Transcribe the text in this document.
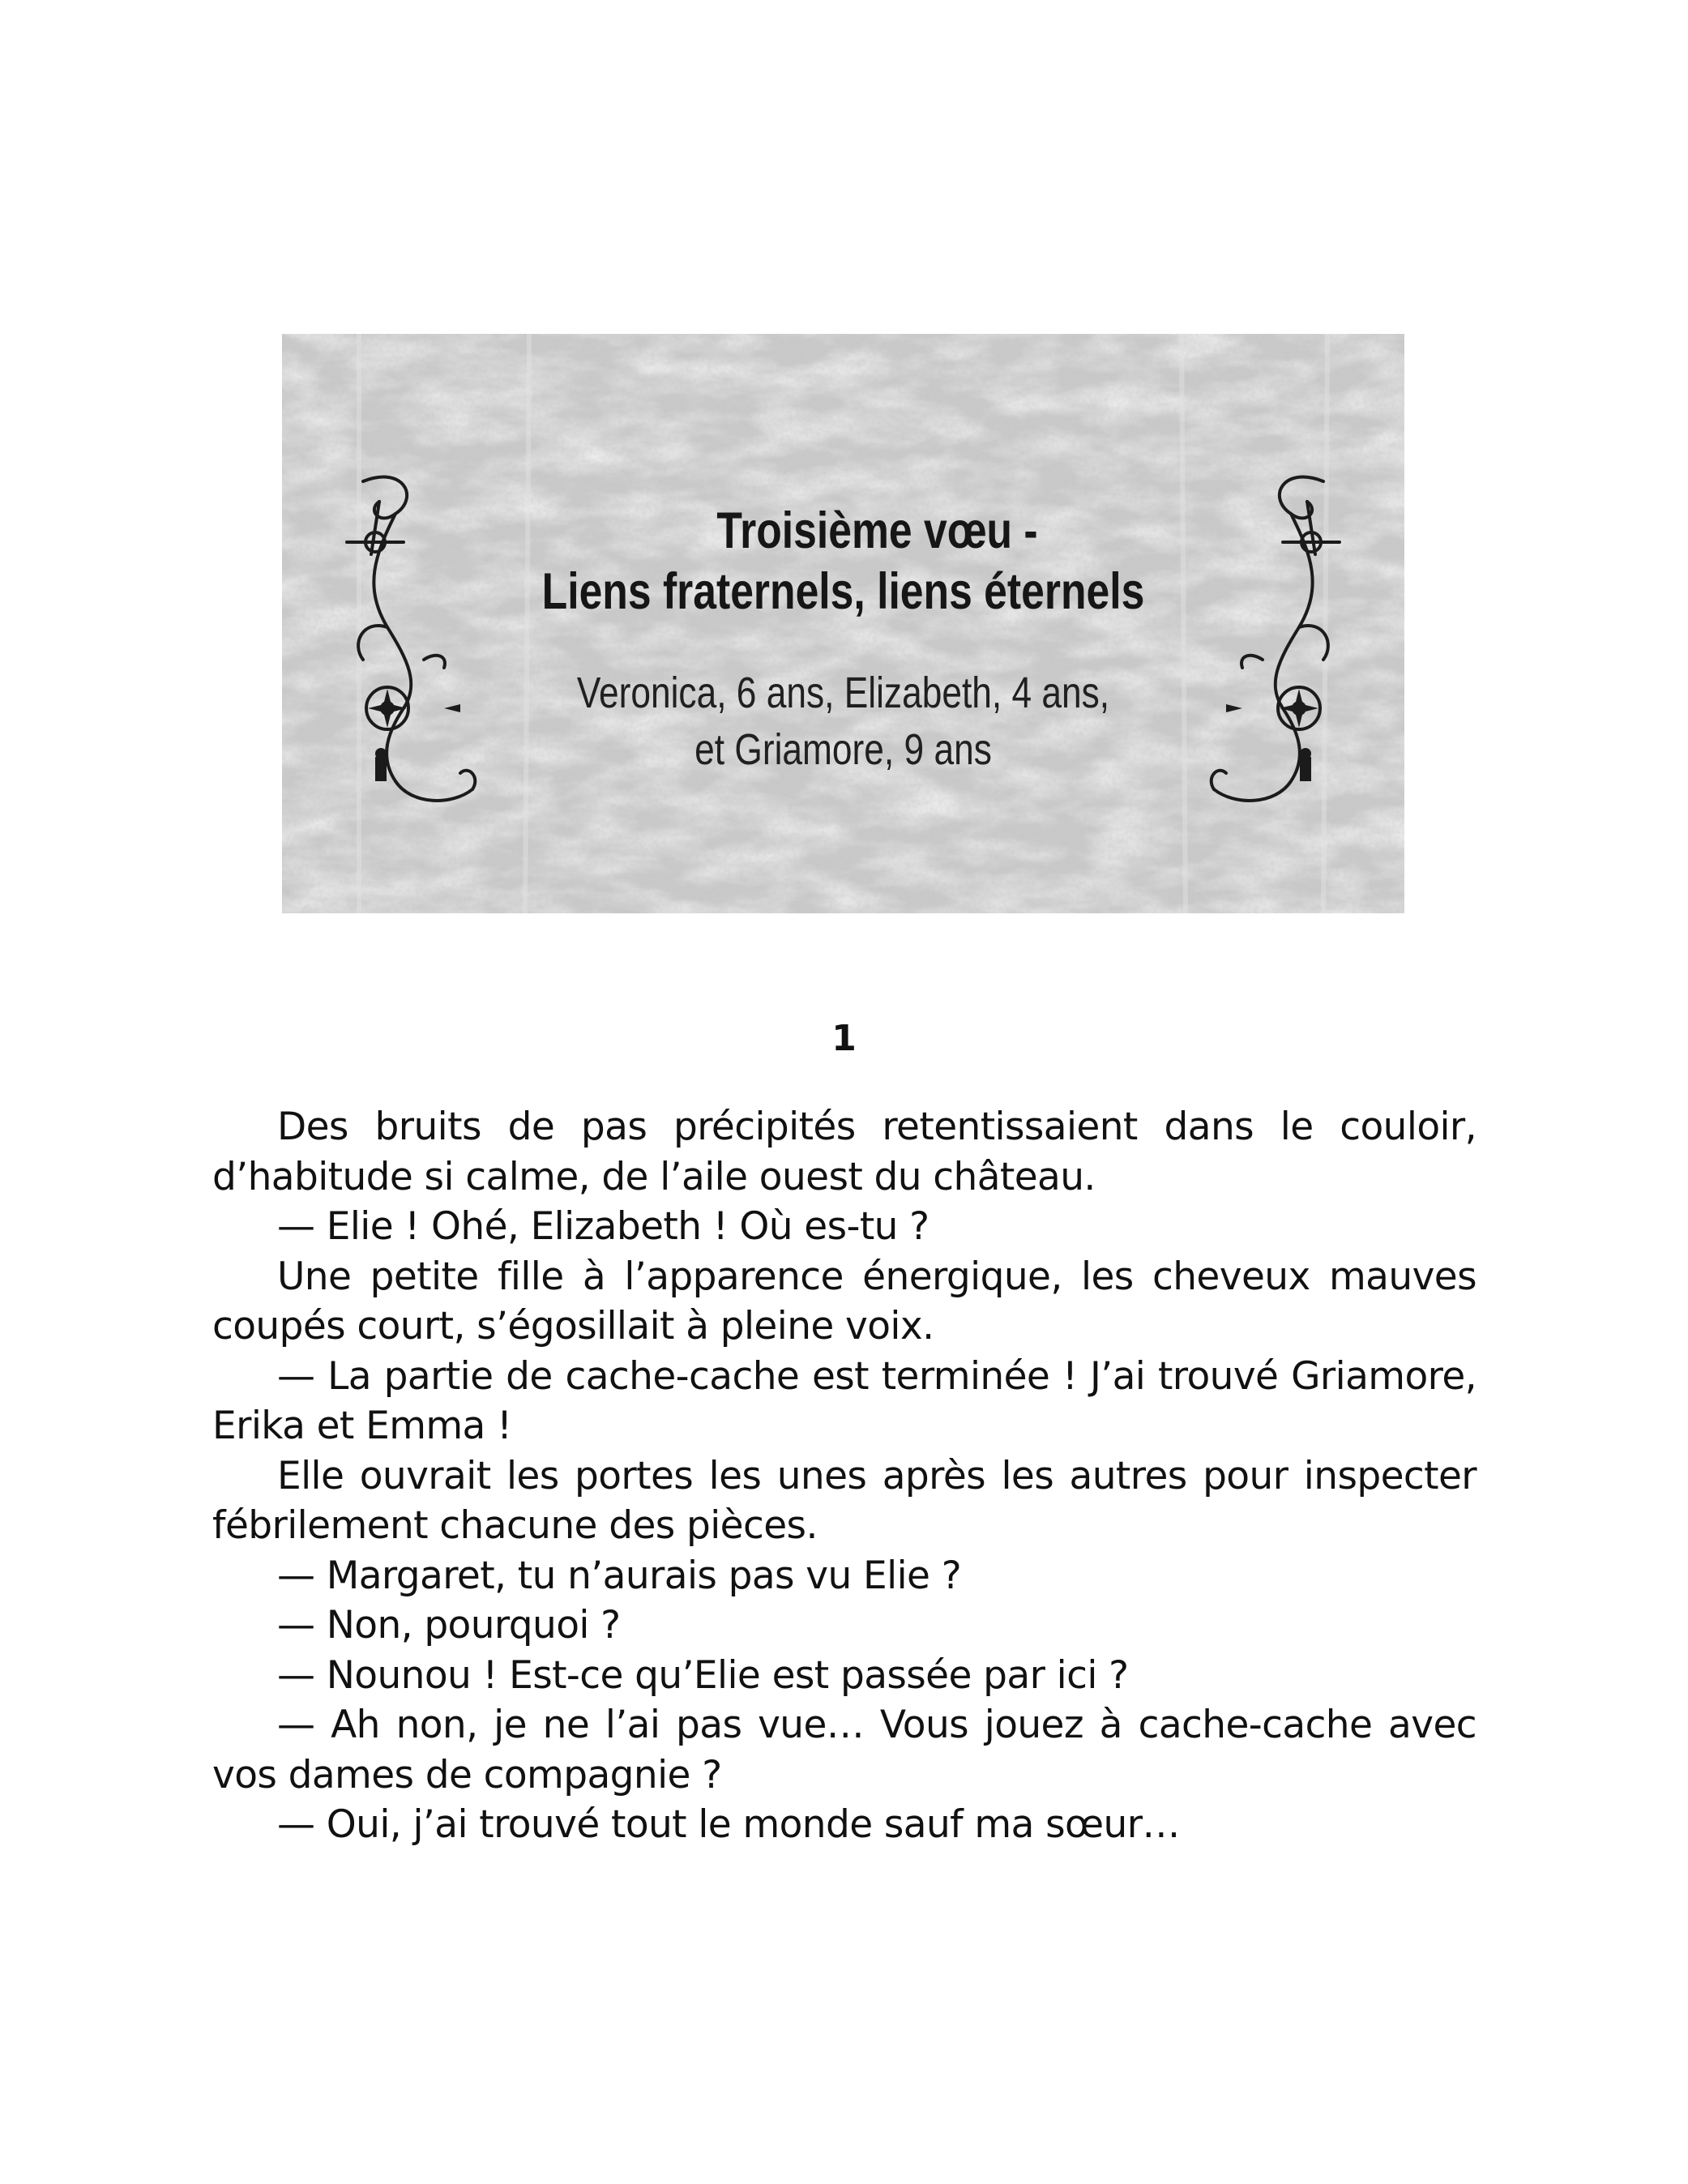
Troisième vœu -
Liens fraternels, liens éternels
Veronica, 6 ans, Elizabeth, 4 ans,
et Griamore, 9 ans
1

Des bruits de pas précipités retentissaient dans le couloir, d’habitude si calme, de l’aile ouest du château.

— Elie ! Ohé, Elizabeth ! Où es-tu ?

Une petite fille à l’apparence énergique, les cheveux mauves coupés court, s’égosillait à pleine voix.

— La partie de cache-cache est terminée ! J’ai trouvé Griamore, Erika et Emma !

Elle ouvrait les portes les unes après les autres pour inspecter fébrilement chacune des pièces.

— Margaret, tu n’aurais pas vu Elie ?

— Non, pourquoi ?

— Nounou ! Est-ce qu’Elie est passée par ici ?

— Ah non, je ne l’ai pas vue… Vous jouez à cache-cache avec vos dames de compagnie ?

— Oui, j’ai trouvé tout le monde sauf ma sœur…
